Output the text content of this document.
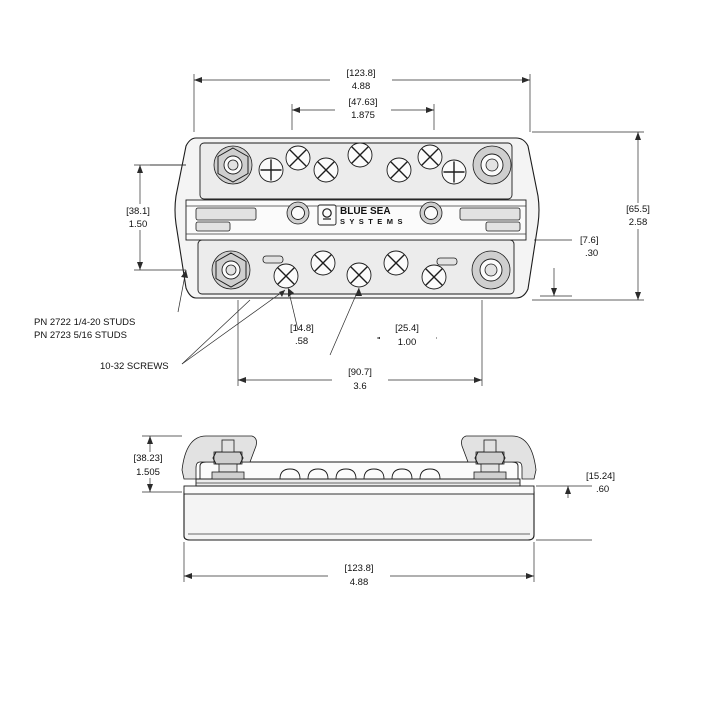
BLUE SEA
S Y S T E M S
[123.8]
4.88
[47.63]
1.875
[38.1]
1.50
[65.5]
2.58
[7.6]
.30
[14.8]
.58
[25.4]
1.00
[90.7]
3.6
PN 2722 1/4-20 STUDS
PN 2723 5/16 STUDS
10-32 SCREWS
[38.23]
1.505	[15.24]
.60
[123.8]
4.88
